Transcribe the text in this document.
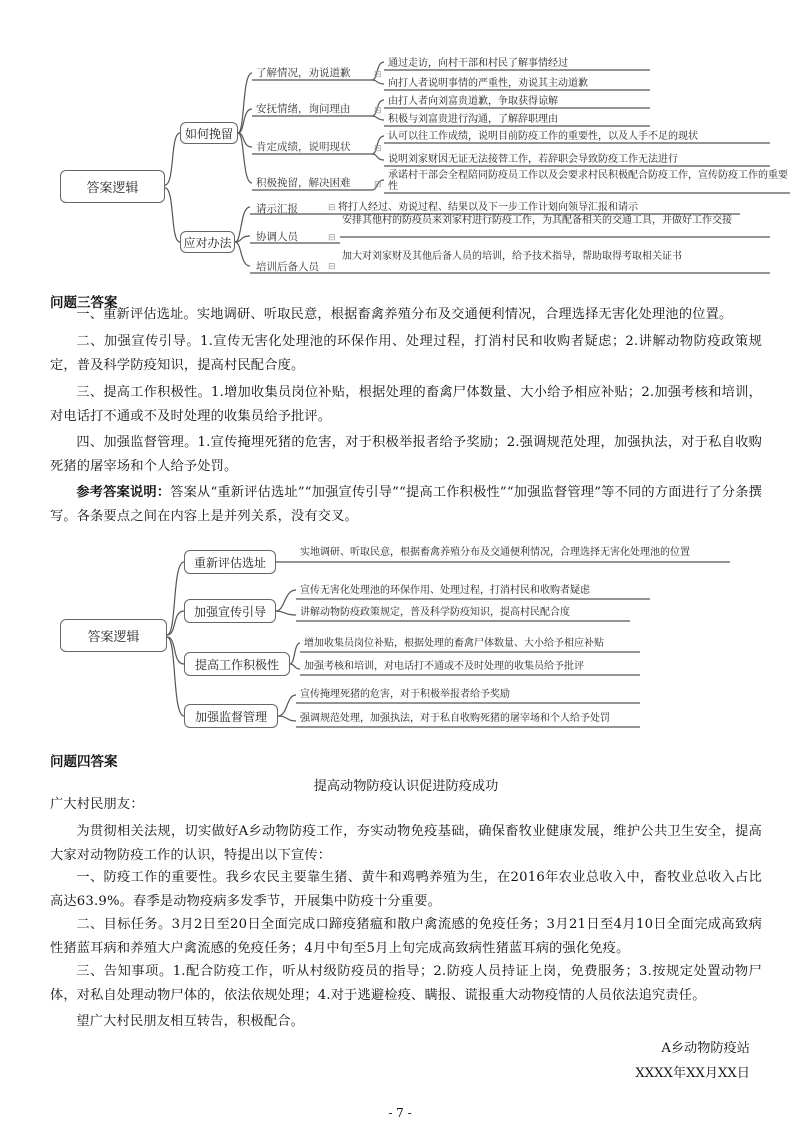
答案逻辑
如何挽留
应对办法
了解情况，劝说道歉
安抚情绪，询问理由
肯定成绩，说明现状
积极挽留，解决困难
请示汇报
协调人员
培训后备人员
⊟
⊟
⊟
⊟
⊟
⊟
⊟
通过走访，向村干部和村民了解事情经过
向打人者说明事情的严重性，劝说其主动道歉
由打人者向刘富贵道歉，争取获得谅解
积极与刘富贵进行沟通，了解辞职理由
认可以往工作成绩，说明目前防疫工作的重要性，以及人手不足的现状
说明刘家财因无证无法接替工作，若辞职会导致防疫工作无法进行
承诺村干部会全程陪同防疫员工作以及会要求村民积极配合防疫工作，宣传防疫工作的重要性
将打人经过、劝说过程、结果以及下一步工作计划向领导汇报和请示
安排其他村的防疫员来刘家村进行防疫工作，为其配备相关的交通工具，并做好工作交接
加大对刘家财及其他后备人员的培训，给予技术指导，帮助取得考取相关证书
问题三答案

一、重新评估选址。实地调研、听取民意，根据畜禽养殖分布及交通便利情况，合理选择无害化处理池的位置。

二、加强宣传引导。1.宣传无害化处理池的环保作用、处理过程，打消村民和收购者疑虑；2.讲解动物防疫政策规定，普及科学防疫知识，提高村民配合度。

三、提高工作积极性。1.增加收集员岗位补贴，根据处理的畜禽尸体数量、大小给予相应补贴；2.加强考核和培训，对电话打不通或不及时处理的收集员给予批评。

四、加强监督管理。1.宣传掩埋死猪的危害，对于积极举报者给予奖励；2.强调规范处理，加强执法，对于私自收购死猪的屠宰场和个人给予处罚。

参考答案说明：答案从“重新评估选址”“加强宣传引导”“提高工作积极性”“加强监督管理”等不同的方面进行了分条撰写。各条要点之间在内容上是并列关系，没有交叉。

答案逻辑
重新评估选址
加强宣传引导
提高工作积极性
加强监督管理
实地调研、听取民意，根据畜禽养殖分布及交通便利情况，合理选择无害化处理池的位置
宣传无害化处理池的环保作用、处理过程，打消村民和收购者疑虑
讲解动物防疫政策规定，普及科学防疫知识，提高村民配合度
增加收集员岗位补贴，根据处理的畜禽尸体数量、大小给予相应补贴
加强考核和培训，对电话打不通或不及时处理的收集员给予批评
宣传掩埋死猪的危害，对于积极举报者给予奖励
强调规范处理，加强执法，对于私自收购死猪的屠宰场和个人给予处罚
问题四答案
提高动物防疫认识促进防疫成功

广大村民朋友：

为贯彻相关法规，切实做好A乡动物防疫工作，夯实动物免疫基础，确保畜牧业健康发展，维护公共卫生安全，提高大家对动物防疫工作的认识，特提出以下宣传：

一、防疫工作的重要性。我乡农民主要靠生猪、黄牛和鸡鸭养殖为生，在2016年农业总收入中，畜牧业总收入占比高达63.9%。春季是动物疫病多发季节，开展集中防疫十分重要。

二、目标任务。3月2日至20日全面完成口蹄疫猪瘟和散户禽流感的免疫任务；3月21日至4月10日全面完成高致病性猪蓝耳病和养殖大户禽流感的免疫任务；4月中旬至5月上旬完成高致病性猪蓝耳病的强化免疫。

三、告知事项。1.配合防疫工作，听从村级防疫员的指导；2.防疫人员持证上岗，免费服务；3.按规定处置动物尸体，对私自处理动物尸体的，依法依规处理；4.对于逃避检疫、瞒报、谎报重大动物疫情的人员依法追究责任。

望广大村民朋友相互转告，积极配合。

A乡动物防疫站
XXXX年XX月XX日
- 7 -
